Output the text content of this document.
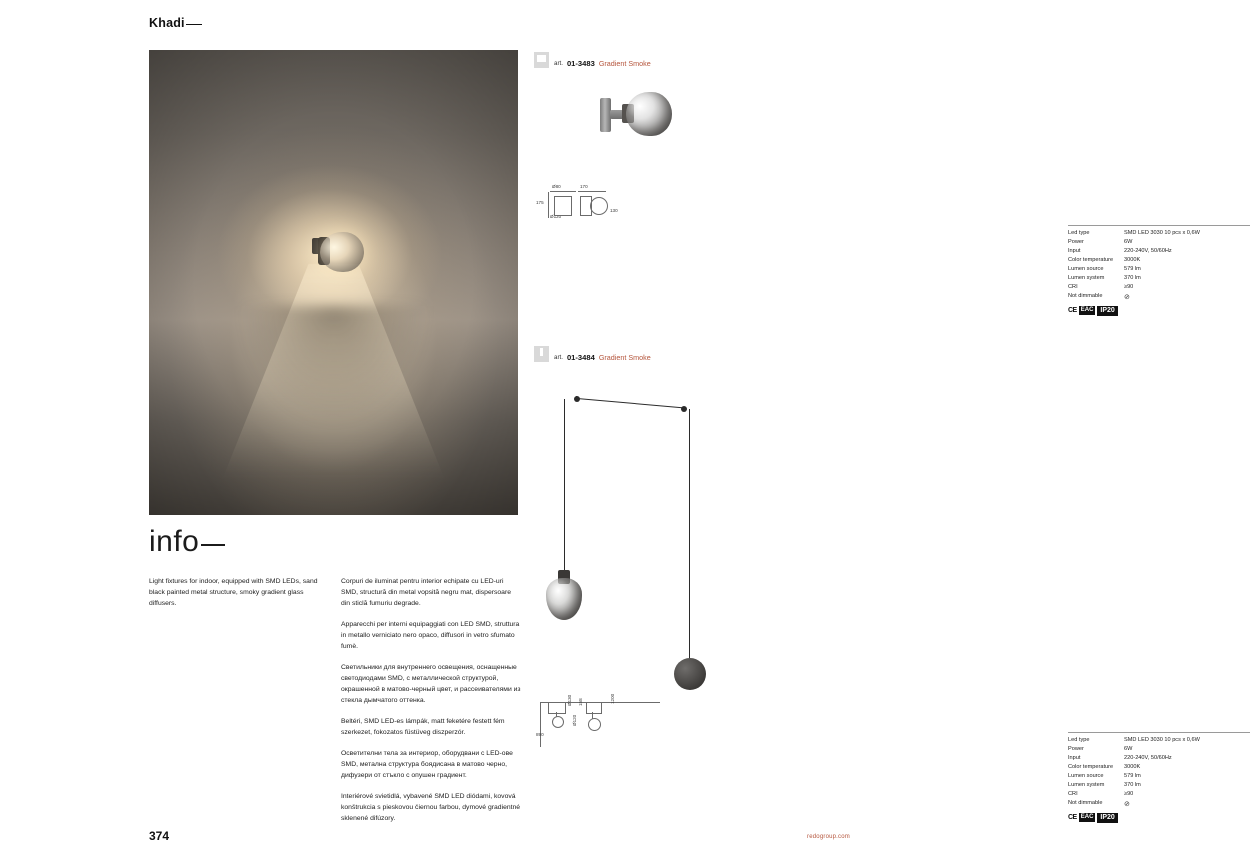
Khadi
info

Light fixtures for indoor, equipped with SMD LEDs, sand black painted metal structure, smoky gradient glass diffusers.

Corpuri de iluminat pentru interior echipate cu LED-uri SMD, structură din metal vopsită negru mat, dispersoare din sticlă fumuriu degrade.

Apparecchi per interni equipaggiati con LED SMD, struttura in metallo verniciato nero opaco, diffusori in vetro sfumato fumè.

Светильники для внутреннего освещения, оснащенные светодиодами SMD, с металлической структурой, окрашенной в матово-черный цвет, и рассеивателями из стекла дымчатого оттенка.

Beltéri, SMD LED-es lámpák, matt feketére festett fém szerkezet, fokozatos füstüveg diszperzór.

Осветителни тела за интериор, оборудвани с LED-ове SMD, метална структура боядисана в матово черно, дифузери от стъкло с опушен градиент.

Interiérové svietidlá, vybavené SMD LED diódami, kovová konštrukcia s pieskovou čiernou farbou, dymové gradientné sklenené difúzory.

374	redogroup.com
art. 01-3483 Gradient Smoke
Ø80	170
175
Ø120
130
Led type	SMD LED 3030 10 pcs x 0,6W
Power	6W
Input	220-240V, 50/60Hz
Color temperature	3000K
Lumen source	579 lm
Lumen system	370 lm
CRI	≥90
Not dimmable	⊘
CE EAC	IP20
art. 01-3484 Gradient Smoke
Ø130 158
Ø120
1200
890
Led type	SMD LED 3030 10 pcs x 0,6W
Power	6W
Input	220-240V, 50/60Hz
Color temperature	3000K
Lumen source	579 lm
Lumen system	370 lm
CRI	≥90
Not dimmable	⊘
CE EAC	IP20
